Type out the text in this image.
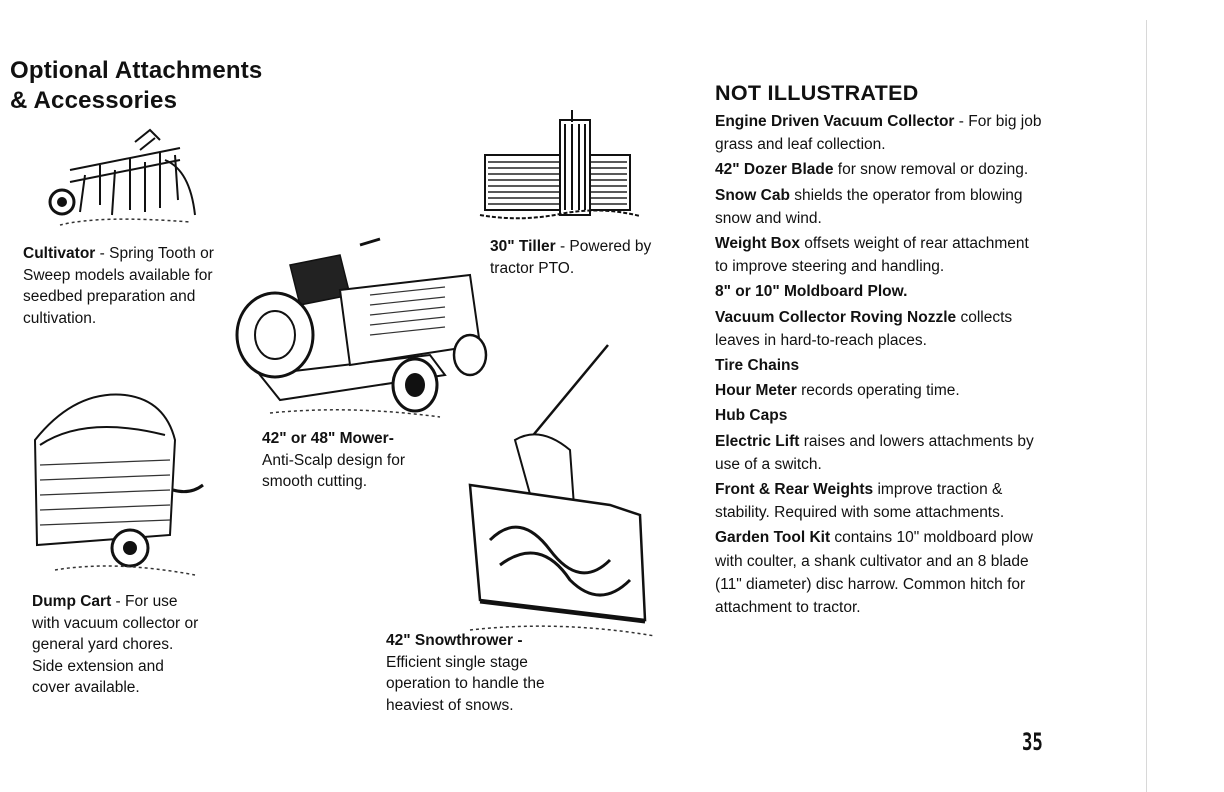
Optional Attachments
& Accessories

Cultivator - Spring Tooth or Sweep models available for seedbed preparation and cultivation.

30" Tiller - Powered by tractor PTO.

42" or 48" Mower-

Anti-Scalp design for smooth cutting.

Dump Cart - For use with vacuum collector or general yard chores. Side extension and cover available.

42" Snowthrower -

Efficient single stage operation to handle the heaviest of snows.

NOT ILLUSTRATED
Engine Driven Vacuum Collector - For big job grass and leaf collection.
42" Dozer Blade for snow removal or dozing.
Snow Cab shields the operator from blowing snow and wind.
Weight Box offsets weight of rear attachment to improve steering and handling.
8" or 10" Moldboard Plow.
Vacuum Collector Roving Nozzle collects leaves in hard-to-reach places.
Tire Chains
Hour Meter records operating time.
Hub Caps
Electric Lift raises and lowers attachments by use of a switch.
Front & Rear Weights improve traction & stability. Required with some attachments.
Garden Tool Kit contains 10" moldboard plow with coulter, a shank cultivator and an 8 blade (11" diameter) disc harrow. Common hitch for attachment to tractor.
35
